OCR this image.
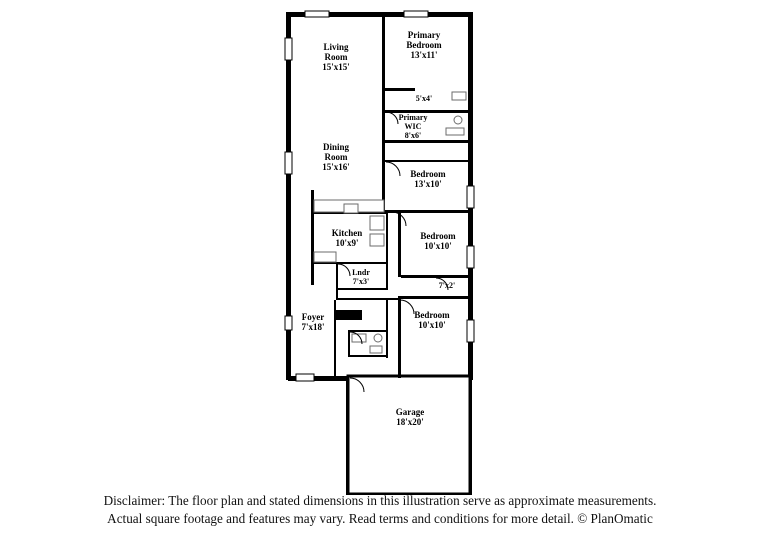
Living
Room
15'x15'
Primary
Bedroom
13'x11'
5'x4'
Primary
WIC
8'x6'
Dining
Room
15'x16'
Bedroom
13'x10'
Kitchen
10'x9'
Bedroom
10'x10'
Lndr
7'x3'	7'x2'
Bedroom
10'x10'
Foyer
7'x18'
Garage
18'x20'
Disclaimer: The floor plan and stated dimensions in this illustration serve as approximate measurements.
Actual square footage and features may vary. Read terms and conditions for more detail. © PlanOmatic
